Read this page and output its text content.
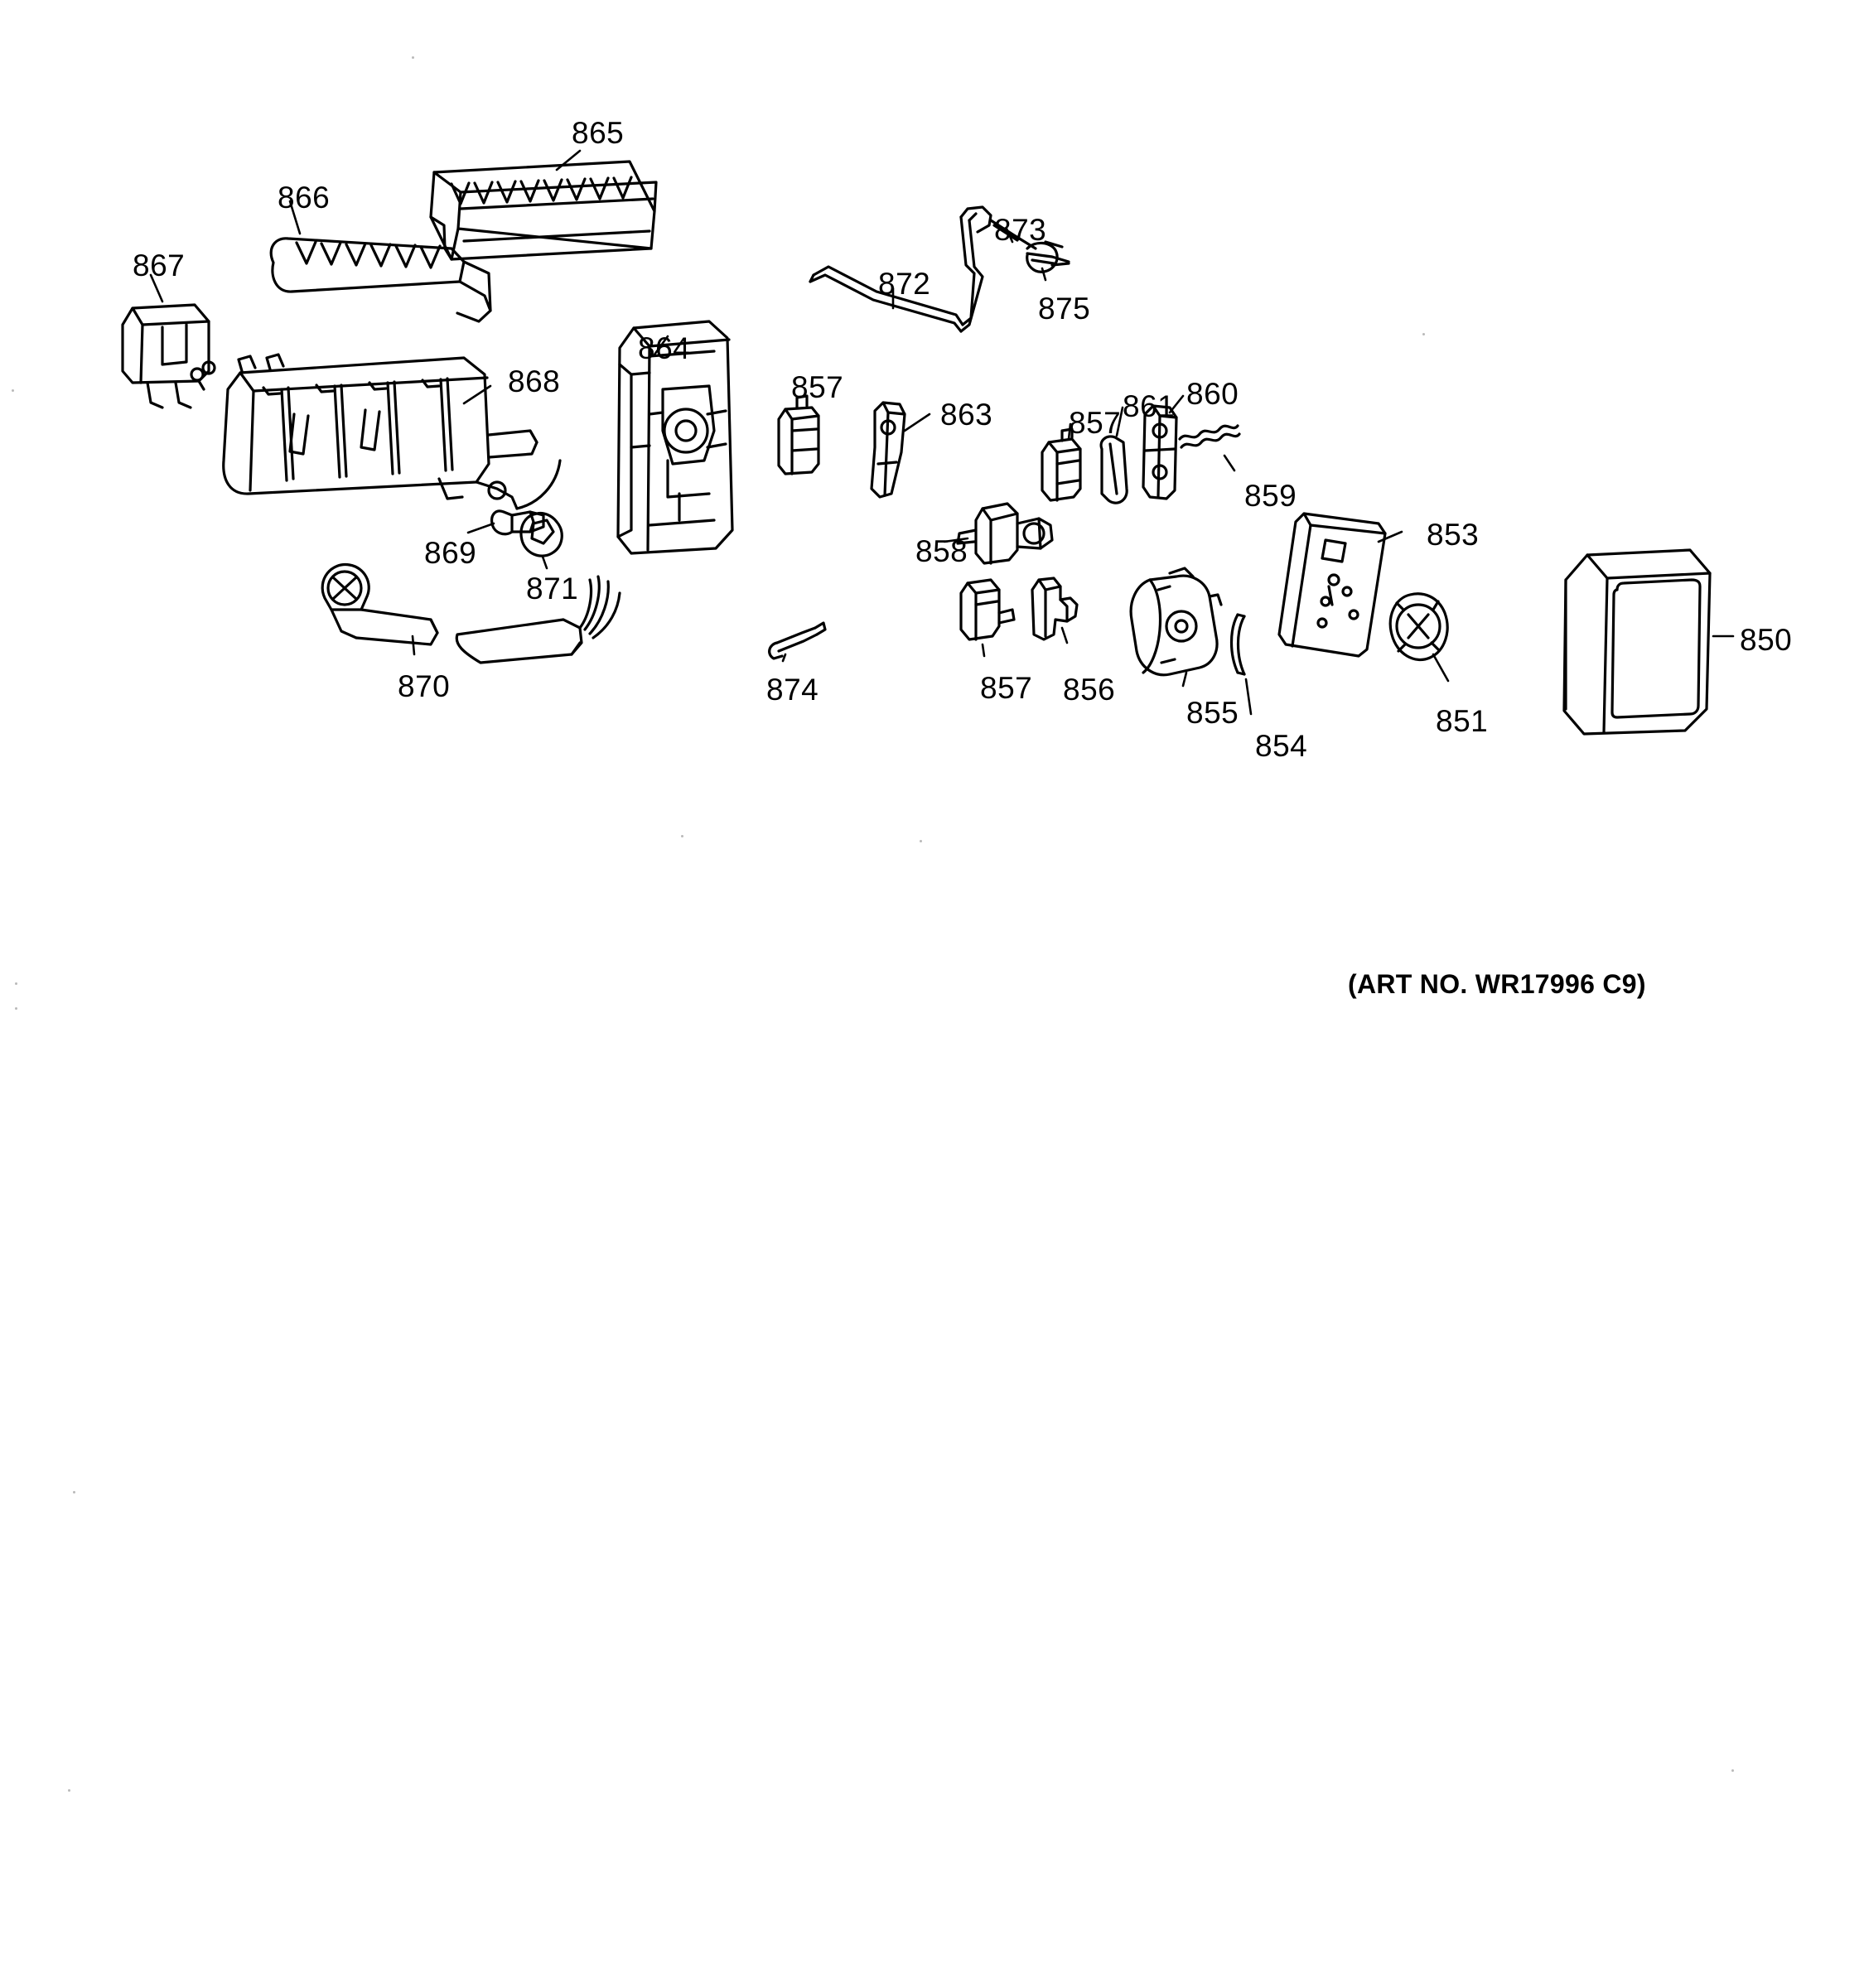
865
866
867
868
869
870
871
864
874
857
863
872
873
875
858
857 856
857 861 860
859
855
854
853
851
850
(ART NO. WR17996 C9)
